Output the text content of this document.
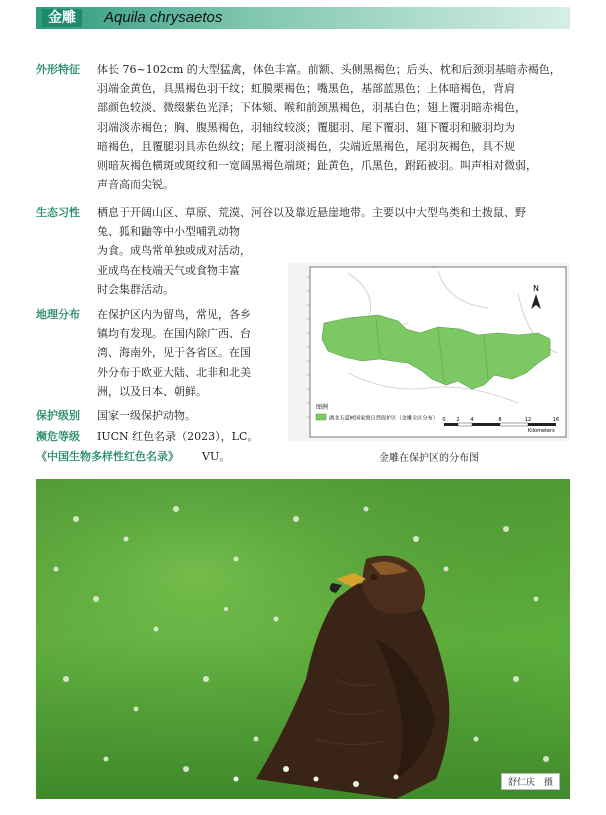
金雕	Aquila chrysaetos
外形特征 体长 76~102cm 的大型猛禽，体色丰富。前额、头侧黑褐色；后头、枕和后颈羽基暗赤褐色，
羽端金黄色，具黑褐色羽干纹；虹膜栗褐色；嘴黑色，基部蓝黑色；上体暗褐色，背肩
部颜色较淡、微缀紫色光泽；下体颏、喉和前颈黑褐色，羽基白色；翅上覆羽暗赤褐色，
羽端淡赤褐色；胸、腹黑褐色，羽轴纹较淡；覆腿羽、尾下覆羽、翅下覆羽和腋羽均为
暗褐色，且覆腿羽具赤色纵纹；尾上覆羽淡褐色，尖端近黑褐色，尾羽灰褐色，具不规
则暗灰褐色横斑或斑纹和一宽阔黑褐色端斑；趾黄色，爪黑色，跗跖被羽。叫声相对微弱，
声音高而尖锐。
生态习性 栖息于开阔山区、草原、荒漠、河谷以及靠近悬崖地带。主要以中大型鸟类和土拨鼠、野
兔、狐和鼬等中小型哺乳动物
为食。成鸟常单独或成对活动，
亚成鸟在枝端天气或食物丰富
时会集群活动。
地理分布 在保护区内为留鸟，常见，各乡
镇均有发现。在国内除广西、台
湾、海南外，见于各省区。在国
外分布于欧亚大陆、北非和北美
洲，以及日本、朝鲜。
保护级别 国家一级保护动物。
濒危等级 IUCN 红色名录（2023），LC。
《中国生物多样性红色名录》 VU。
N
图例
湖北五道峡国家级自然保护区（金雕全区分布） 0 2 4	8	12	16
Kilometers
金雕在保护区的分布图
舒仁庆　摄
